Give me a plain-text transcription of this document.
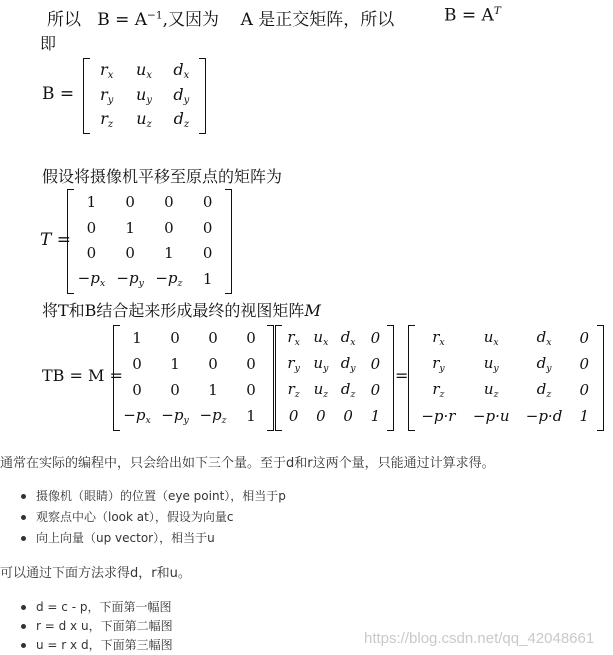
所以 $B = A^{-1}$,又因为 A 是正交矩阵，所以	$B = A^T$
即
B =
$r_x$ $u_x$ $d_x$
$r_y$ $u_y$ $d_y$
$r_z$ $u_z$ $d_z$
假设将摄像机平移至原点的矩阵为
T =
1 0 0 0
0 1 0 0
0 0 1 0
$-p_x -p_y -p_z$ 1
将T和B结合起来形成最终的视图矩阵M
TB = M =
1 0 0 0
0 1 0 0
0 0 1 0
$-p_x -p_y -p_z$ 1
$r_x$ $u_x$ $d_x$ 0
$r_y$ $u_y$ $d_y$ 0
$r_z$ $u_z$ $d_z$ 0
0 0 0 1
=
$r_x$	$u_x$	$d_x$ 0
$r_y$	$u_y$	$d_y$ 0
$r_z$	$u_z$	$d_z$ 0
−p·r −p·u −p·d 1
通常在实际的编程中，只会给出如下三个量。至于d和r这两个量，只能通过计算求得。
摄像机（眼睛）的位置（eye point），相当于p
观察点中心（look at），假设为向量c
向上向量（up vector），相当于u
可以通过下面方法求得d，r和u。
d = c - p，下面第一幅图
r = d x u，下面第二幅图
u = r x d，下面第三幅图	https://blog.csdn.net/qq_42048661
